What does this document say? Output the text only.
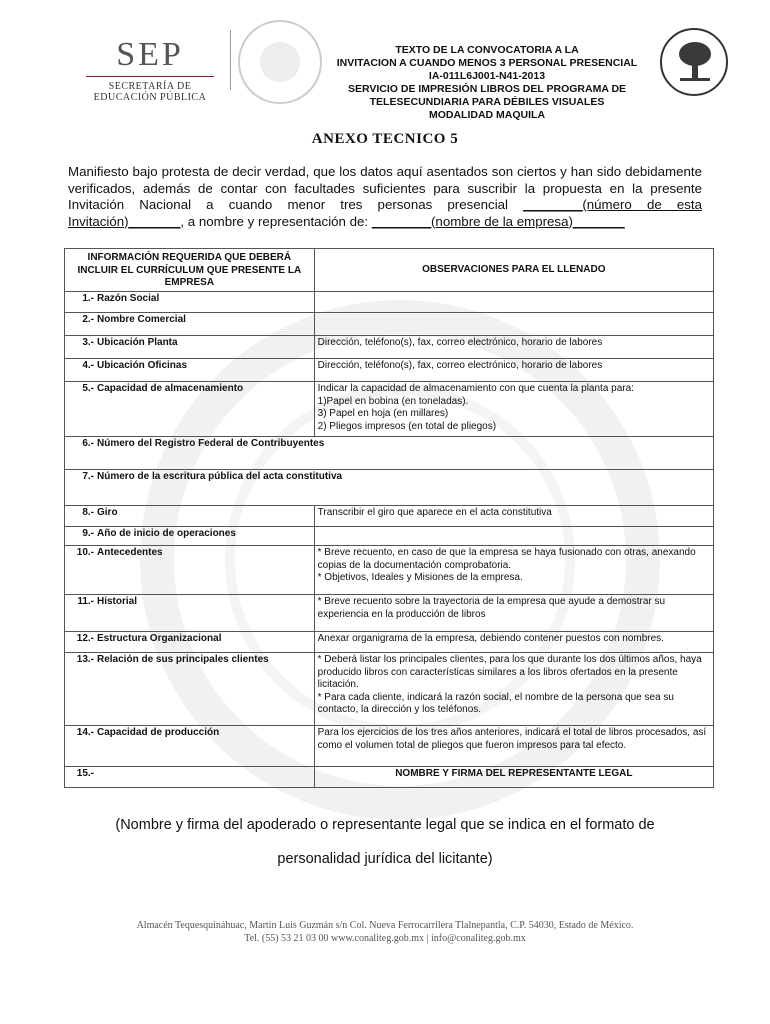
SEP
SECRETARÍA DE
EDUCACIÓN PÚBLICA
TEXTO DE LA CONVOCATORIA A LA
INVITACION A CUANDO MENOS 3 PERSONAL PRESENCIAL
IA-011L6J001-N41-2013
SERVICIO DE IMPRESIÓN LIBROS DEL PROGRAMA DE
TELESECUNDIARIA PARA DÉBILES VISUALES
MODALIDAD MAQUILA
ANEXO TECNICO 5
Manifiesto bajo protesta de decir verdad, que los datos aquí asentados son ciertos y han sido debidamente verificados, además de contar con facultades suficientes para suscribir la propuesta en la presente Invitación Nacional a cuando menor tres personas presencial ________(número de esta Invitación)_______, a nombre y representación de: ________(nombre de la empresa)_______
INFORMACIÓN REQUERIDA QUE DEBERÁ INCLUIR EL CURRÍCULUM QUE PRESENTE LA EMPRESA	OBSERVACIONES PARA EL LLENADO
1.- Razón Social	
2.- Nombre Comercial	
3.- Ubicación Planta	Dirección, teléfono(s), fax, correo electrónico, horario de labores
4.- Ubicación Oficinas	Dirección, teléfono(s), fax, correo electrónico, horario de labores
5.- Capacidad de almacenamiento	Indicar la capacidad de almacenamiento con que cuenta la planta para:
1)Papel en bobina (en toneladas).
3) Papel en hoja (en millares)
2) Pliegos impresos (en total de pliegos)
6.- Número del Registro Federal de Contribuyentes	
7.- Número de la escritura pública del acta constitutiva	
8.- Giro	Transcribir el giro que aparece en el acta constitutiva
9.- Año de inicio de operaciones	
10.- Antecedentes	* Breve recuento, en caso de que la empresa se haya fusionado con otras, anexando copias de la documentación comprobatoria.
* Objetivos, Ideales y Misiones de la empresa.
11.- Historial	* Breve recuento sobre la trayectoria de la empresa que ayude a demostrar su experiencia en la producción de libros
12.- Estructura Organizacional	Anexar organigrama de la empresa, debiendo contener puestos con nombres.
13.- Relación de sus principales clientes	* Deberá listar los principales clientes, para los que durante los dos últimos años, haya producido libros con características similares a los libros ofertados en la presente licitación.
* Para cada cliente, indicará la razón social, el nombre de la persona que sea su contacto, la dirección y los teléfonos.
14.- Capacidad de producción	Para los ejercicios de los tres años anteriores, indicará el total de libros procesados, así como el volumen total de pliegos que fueron impresos para tal efecto.
15.-	NOMBRE Y FIRMA DEL REPRESENTANTE LEGAL
(Nombre y firma del apoderado o representante legal que se indica en el formato de
personalidad jurídica del licitante)
Almacén Tequesquináhuac, Martín Luis Guzmán s/n Col. Nueva Ferrocarrilera Tlalnepantla, C.P. 54030, Estado de México.
Tel. (55) 53 21 03 00 www.conaliteg.gob.mx | info@conaliteg.gob.mx
